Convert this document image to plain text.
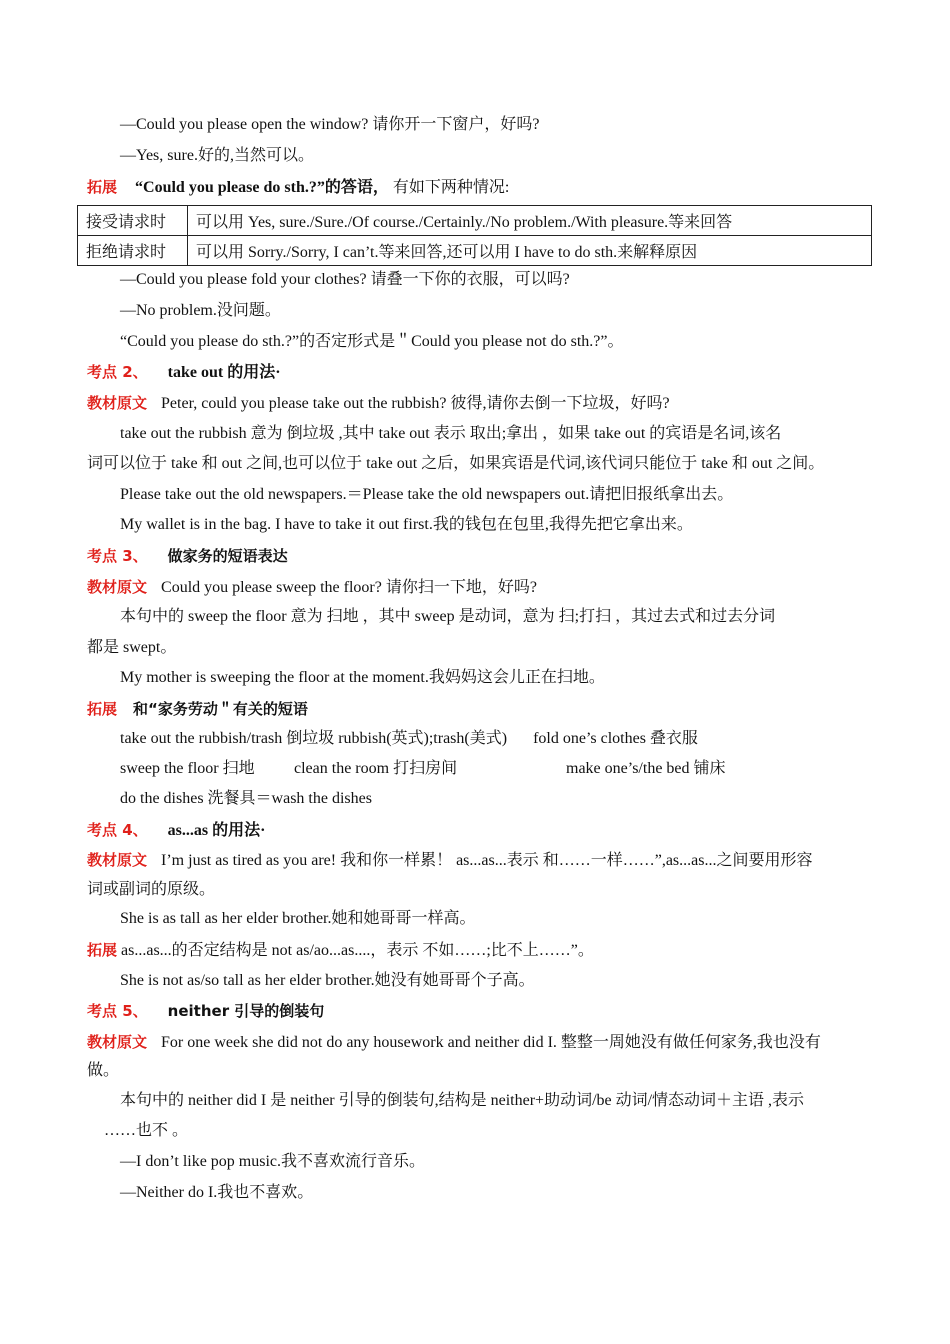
—Could you please open the window? 请你开一下窗户，好吗?
—Yes, sure.好的,当然可以。
拓展 “Could you please do sth.?”的答语， 有如下两种情况:
接受请求时	可以用 Yes, sure./Sure./Of course./Certainly./No problem./With pleasure.等来回答
拒绝请求时	可以用 Sorry./Sorry, I can’t.等来回答,还可以用 I have to do sth.来解释原因
—Could you please fold your clothes? 请叠一下你的衣服，可以吗?
—No problem.没问题。
“Could you please do sth.?”的否定形式是＂Could you please not do sth.?”。
考点 2、 take out 的用法·
教材原文 Peter, could you please take out the rubbish? 彼得,请你去倒一下垃圾，好吗?
take out the rubbish 意为 倒垃圾 ,其中 take out 表示 取出;拿出 ，如果 take out 的宾语是名词,该名
词可以位于 take 和 out 之间,也可以位于 take out 之后，如果宾语是代词,该代词只能位于 take 和 out 之间。
Please take out the old newspapers.＝Please take the old newspapers out.请把旧报纸拿出去。
My wallet is in the bag. I have to take it out first.我的钱包在包里,我得先把它拿出来。
考点 3、 做家务的短语表达
教材原文 Could you please sweep the floor? 请你扫一下地，好吗?
本句中的 sweep the floor 意为 扫地 ，其中 sweep 是动词，意为 扫;打扫 ，其过去式和过去分词
都是 swept。
My mother is sweeping the floor at the moment.我妈妈这会儿正在扫地。
拓展 和“家务劳动＂有关的短语
take out the rubbish/trash 倒垃圾 rubbish(英式);trash(美式) fold one’s clothes 叠衣服
sweep the floor 扫地 clean the room 打扫房间	make one’s/the bed 铺床
do the dishes 洗餐具＝wash the dishes
考点 4、 as...as 的用法·
教材原文 I’m just as tired as you are! 我和你一样累！ as...as...表示 和……一样……”,as...as...之间要用形容
词或副词的原级。
She is as tall as her elder brother.她和她哥哥一样高。
拓展 as...as...的否定结构是 not as/ao...as....，表示 不如……;比不上……”。
She is not as/so tall as her elder brother.她没有她哥哥个子高。
考点 5、 neither 引导的倒装句
教材原文 For one week she did not do any housework and neither did I. 整整一周她没有做任何家务,我也没有
做。
本句中的 neither did I 是 neither 引导的倒装句,结构是 neither+助动词/be 动词/情态动词＋主语 ,表示
……也不 。
—I don’t like pop music.我不喜欢流行音乐。
—Neither do I.我也不喜欢。
